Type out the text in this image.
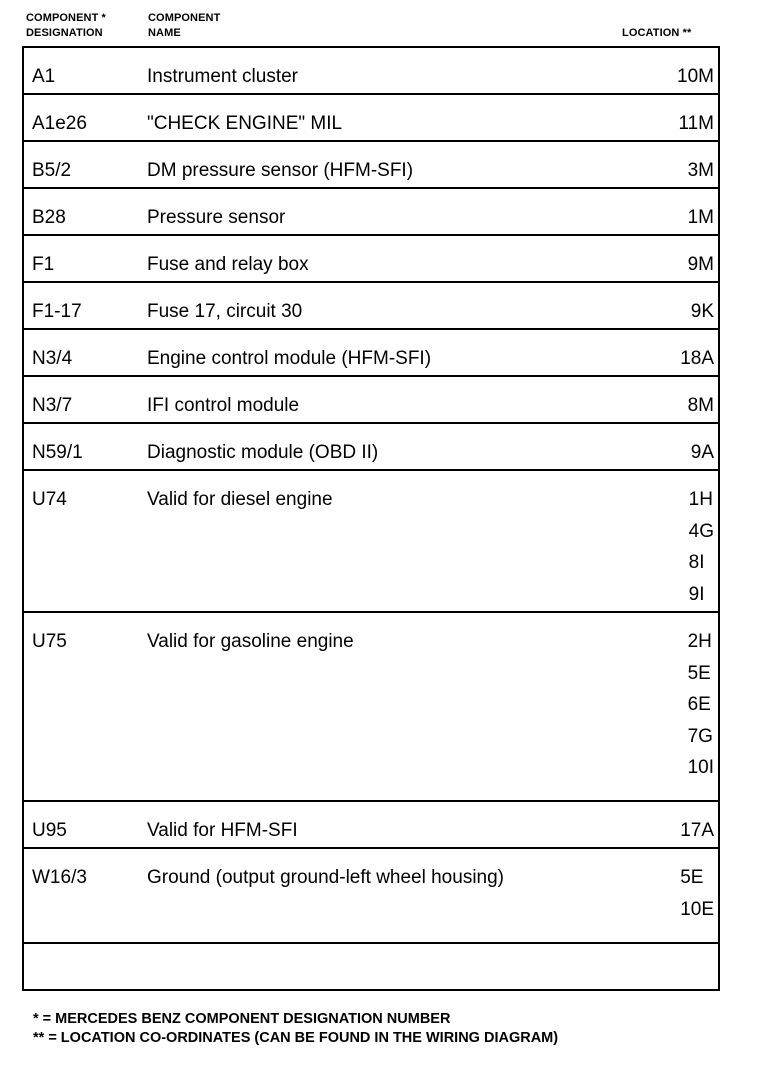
COMPONENT *
DESIGNATION
COMPONENT
NAME	LOCATION **
A1	Instrument cluster	10M
A1e26	"CHECK ENGINE" MIL	11M
B5/2	DM pressure sensor (HFM-SFI)	3M
B28	Pressure sensor	1M
F1	Fuse and relay box	9M
F1-17	Fuse 17, circuit 30	9K
N3/4	Engine control module (HFM-SFI)	18A
N3/7	IFI control module	8M
N59/1	Diagnostic module (OBD II)	9A
U74	Valid for diesel engine	1H
4G
8I
9I
U75	Valid for gasoline engine	2H
5E
6E
7G
10I
U95	Valid for HFM-SFI	17A
W16/3	Ground (output ground-left wheel housing)	5E
10E
* = MERCEDES BENZ COMPONENT DESIGNATION NUMBER
** = LOCATION CO-ORDINATES (CAN BE FOUND IN THE WIRING DIAGRAM)
